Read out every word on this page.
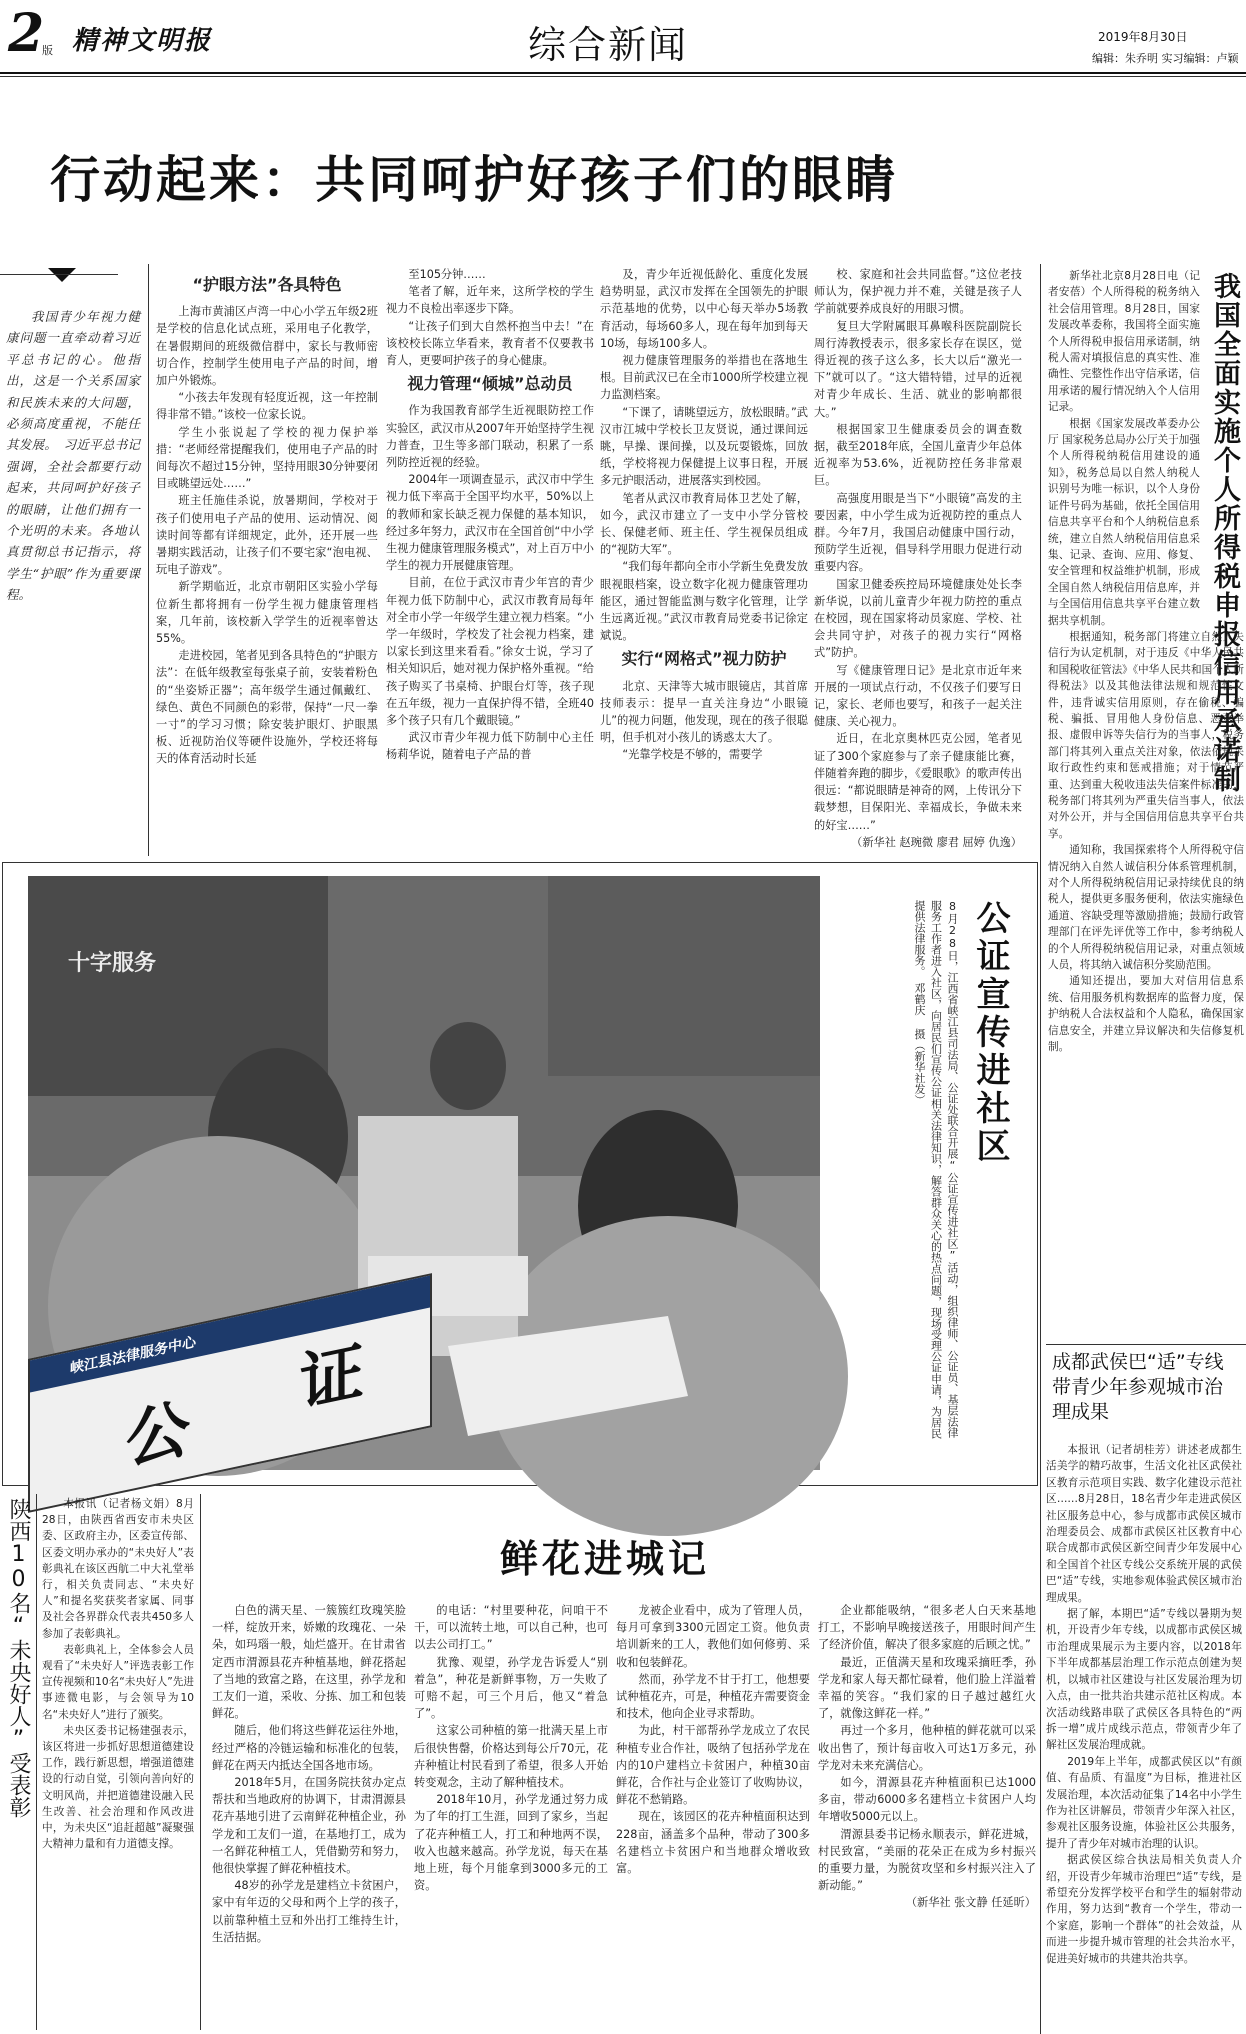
2
版 精神文明报	综合新闻	2019年8月30日
编辑：朱乔明 实习编辑：卢颖
行动起来：共同呵护好孩子们的眼睛

我国青少年视力健康问题一直牵动着习近平总书记的心。他指出，这是一个关系国家和民族未来的大问题，必须高度重视，不能任其发展。　习近平总书记强调，全社会都要行动起来，共同呵护好孩子的眼睛，让他们拥有一个光明的未来。各地认真贯彻总书记指示，将学生“护眼”作为重要课程。

“护眼方法”各具特色

上海市黄浦区卢湾一中心小学五年级2班是学校的信息化试点班，采用电子化教学，在暑假期间的班级微信群中，家长与教师密切合作，控制学生使用电子产品的时间，增加户外锻炼。

“小孩去年发现有轻度近视，这一年控制得非常不错。”该校一位家长说。

学生小张说起了学校的视力保护举措：“老师经常提醒我们，使用电子产品的时间每次不超过15分钟，坚持用眼30分钟要闭目或眺望远处……”

班主任施佳杀说，放暑期间，学校对于孩子们使用电子产品的使用、运动情况、阅读时间等都有详细规定，此外，还开展一些暑期实践活动，让孩子们不要宅家“泡电视、玩电子游戏”。

新学期临近，北京市朝阳区实验小学每位新生都将拥有一份学生视力健康管理档案，几年前，该校新入学学生的近视率曾达55%。

走进校园，笔者见到各具特色的“护眼方法”：在低年级教室每张桌子前，安装着粉色的“坐姿矫正器”；高年级学生通过佩戴红、绿色、黄色不同颜色的彩带，保持“一尺一拳一寸”的学习习惯；除安装护眼灯、护眼黑板、近视防治仪等硬件设施外，学校还将每天的体育活动时长延

至105分钟……

笔者了解，近年来，这所学校的学生视力不良检出率逐步下降。

“让孩子们到大自然杯抱当中去！”在该校校长陈立华看来，教育者不仅要教书育人，更要呵护孩子的身心健康。

视力管理“倾城”总动员

作为我国教育部学生近视眼防控工作实验区，武汉市从2007年开始坚持学生视力普查，卫生等多部门联动，积累了一系列防控近视的经验。

2004年一项调查显示，武汉市中学生视力低下率高于全国平均水平，50%以上的教师和家长缺乏视力保健的基本知识，经过多年努力，武汉市在全国首创“中小学生视力健康管理服务模式”，对上百万中小学生的视力开展健康管理。

目前，在位于武汉市青少年宫的青少年视力低下防制中心，武汉市教育局每年对全市小学一年级学生建立视力档案。“小学一年级时，学校发了社会视力档案，建以家长到这里来看看。”徐女士说，学习了相关知识后，她对视力保护格外重视。“给孩子购买了书桌椅、护眼台灯等，孩子现在五年级，视力一直保护得不错，全班40多个孩子只有几个戴眼镜。”

武汉市青少年视力低下防制中心主任杨莉华说，随着电子产品的普

及，青少年近视低龄化、重度化发展趋势明显，武汉市发挥在全国领先的护眼示范基地的优势，以中心每天举办5场教育活动，每场60多人，现在每年加到每天10场，每场100多人。

视力健康管理服务的举措也在落地生根。目前武汉已在全市1000所学校建立视力监测档案。

“下课了，请眺望远方，放松眼睛。”武汉市江城中学校长卫友贤说，通过课间远眺，早操、课间操，以及玩耍锻炼，回放纸，学校将视力保健提上议事日程，开展多元护眼活动，进展落实到校园。

笔者从武汉市教育局体卫艺处了解，如今，武汉市建立了一支中小学分管校长、保健老师、班主任、学生视保员组成的“视防大军”。

“我们每年都向全市小学新生免费发放眼视眼档案，设立数字化视力健康管理功能区，通过智能监测与数字化管理，让学生远离近视。”武汉市教育局党委书记徐定斌说。

实行“网格式”视力防护

北京、天津等大城市眼镜店，其首席技师表示：提早一直关注身边“小眼镜儿”的视力问题，他发现，现在的孩子很聪明，但手机对小孩儿的诱惑太大了。

“光靠学校是不够的，需要学

校、家庭和社会共同监督。”这位老技师认为，保护视力并不难，关键是孩子人学前就要养成良好的用眼习惯。

复旦大学附属眼耳鼻喉科医院副院长周行涛教授表示，很多家长存在误区，觉得近视的孩子这么多，长大以后“激光一下”就可以了。“这大错特错，过早的近视对青少年成长、生活、就业的影响都很大。”

根据国家卫生健康委员会的调查数据，截至2018年底，全国儿童青少年总体近视率为53.6%，近视防控任务非常艰巨。

高强度用眼是当下“小眼镜”高发的主要因素，中小学生成为近视防控的重点人群。今年7月，我国启动健康中国行动，预防学生近视，倡导科学用眼力促进行动重要内容。

国家卫健委疾控局环境健康处处长李新华说，以前儿童青少年视力防控的重点在校园，现在国家将动员家庭、学校、社会共同守护，对孩子的视力实行“网格式”防护。

写《健康管理日记》是北京市近年来开展的一项试点行动，不仅孩子们要写日记，家长、老师也要写，和孩子一起关注健康、关心视力。

近日，在北京奥林匹克公园，笔者见证了300个家庭参与了亲子健康能比赛，伴随着奔跑的脚步，《爱眼歌》的歌声传出很远：“都说眼睛是神奇的网，上传讯分下载梦想，目保阳光、幸福成长，争做未来的好宝……”

（新华社 赵琬微 廖君 屈婷 仇逸）

我国全面实施个人所得税申报信用承诺制

新华社北京8月28日电（记者安蓓）个人所得税的税务纳入社会信用管理。8月28日，国家发展改革委称，我国将全面实施个人所得税申报信用承诺制，纳税人需对填报信息的真实性、准确性、完整性作出守信承诺，信用承诺的履行情况纳入个人信用记录。

根据《国家发展改革委办公厅 国家税务总局办公厅关于加强个人所得税纳税信用建设的通知》，税务总局以自然人纳税人识别号为唯一标识，以个人身份证件号码为基础，依托全国信用信息共享平台和个人纳税信息系统，建立自然人纳税信用信息采集、记录、查询、应用、修复、安全管理和权益维护机制，形成全国自然人纳税信用信息库，并与全国信用信息共享平台建立数据共享机制。

根据通知，税务部门将建立自然人失信行为认定机制，对于违反《中华人民共和国税收征管法》《中华人民共和国个人所得税法》以及其他法律法规和规范性文件，违背诚实信用原则，存在偷税、骗税、骗抵、冒用他人身份信息、恶意举报、虚假申诉等失信行为的当事人，税务部门将其列入重点关注对象，依法依规采取行政性约束和惩戒措施；对于情节严重、达到重大税收违法失信案件标准的，税务部门将其列为严重失信当事人，依法对外公开，并与全国信用信息共享平台共享。

通知称，我国探索将个人所得税守信情况纳入自然人诚信积分体系管理机制，对个人所得税纳税信用记录持续优良的纳税人，提供更多服务便利，依法实施绿色通道、容缺受理等激励措施；鼓励行政管理部门在评先评优等工作中，参考纳税人的个人所得税纳税信用记录，对重点领域人员，将其纳入诚信积分奖励范围。

通知还提出，要加大对信用信息系统、信用服务机构数据库的监督力度，保护纳税人合法权益和个人隐私，确保国家信息安全，并建立异议解决和失信修复机制。

峡江县法律服务中心
公
证
十字服务	公证宣传进社区
8月28日，江西省峡江县司法局、公证处联合开展“公证宣传进社区”活动，组织律师、公证员、基层法律服务工作者进入社区，向居民们宣传公证相关法律知识，解答群众关心的热点问题，现场受理公证申请，为居民提供法律服务。　邓鹤庆 摄（新华社发）
成都武侯巴“适”专线带青少年参观城市治理成果

本报讯（记者胡桂芳）讲述老成都生活美学的精巧故事，生活文化社区武侯社区教育示范项目实践、数字化建设示范社区……8月28日，18名青少年走进武侯区社区服务总中心，参与成都市武侯区城市治理委员会、成都市武侯区社区教育中心联合成都市武侯区新空间青少年发展中心和全国首个社区专线公交系统开展的武侯巴“适”专线，实地参观体验武侯区城市治理成果。

据了解，本期巴“适”专线以暑期为契机，开设青少年专线，以成都市武侯区城市治理成果展示为主要内容，以2018年下半年成都基层治理工作示范点创建为契机，以城市社区建设与社区发展治理为切入点，由一批共治共建示范社区构成。本次活动线路串联了武侯区各具特色的“两拆一增”成片成线示范点，带领青少年了解社区发展治理成就。

2019年上半年，成都武侯区以“有颜值、有品质、有温度”为目标，推进社区发展治理，本次活动征集了14名中小学生作为社区讲解员，带领青少年深入社区，参观社区服务设施，体验社区公共服务，提升了青少年对城市治理的认识。

据武侯区综合执法局相关负责人介绍，开设青少年城市治理巴“适”专线，是希望充分发挥学校平台和学生的辐射带动作用，努力达到“教育一个学生，带动一个家庭，影响一个群体”的社会效益，从而进一步提升城市管理的社会共治水平，促进美好城市的共建共治共享。

陕西10名“未央好人”受表彰	本报讯（记者杨文娟）8月28日，由陕西省西安市未央区委、区政府主办，区委宣传部、区委文明办承办的“未央好人”表彰典礼在该区西航二中大礼堂举行，相关负责同志、“未央好人”和提名奖获奖者家属、同事及社会各界群众代表共450多人参加了表彰典礼。

表彰典礼上，全体参会人员观看了“未央好人”评选表彰工作宣传视频和10名“未央好人”先进事迹微电影，与会领导为10名“未央好人”进行了颁奖。

未央区委书记杨建强表示，该区将进一步抓好思想道德建设工作，践行新思想，增强道德建设的行动自觉，引领向善向好的文明风尚，并把道德建设融入民生改善、社会治理和作风改进中，为未央区“追赶超越”凝聚强大精神力量和有力道德支撑。

鲜花进城记

白色的满天星、一簇簇红玫瑰笑脸一样，绽放开来，娇嫩的玫瑰花、一朵朵，如玛瑙一般，灿烂盛开。在甘肃省定西市渭源县花卉种植基地，鲜花搭起了当地的致富之路，在这里，孙学龙和工友们一道，采收、分拣、加工和包装鲜花。

随后，他们将这些鲜花运往外地，经过严格的冷链运输和标准化的包装，鲜花在两天内抵达全国各地市场。

2018年5月，在国务院扶贫办定点帮扶和当地政府的协调下，甘肃渭源县花卉基地引进了云南鲜花种植企业，孙学龙和工友们一道，在基地打工，成为一名鲜花种植工人，凭借勤劳和努力，他很快掌握了鲜花种植技术。

48岁的孙学龙是建档立卡贫困户，家中有年迈的父母和两个上学的孩子，以前靠种植土豆和外出打工维持生计，生活拮据。

的电话：“村里要种花，问咱干不干，可以流转土地，可以自己种，也可以去公司打工。”

犹豫、观望，孙学龙告诉爱人“别着急”，种花是新鲜事物，万一失败了可赔不起，可三个月后，他又“着急了”。

这家公司种植的第一批满天星上市后很快售罄，价格达到每公斤70元，花卉种植让村民看到了希望，很多人开始转变观念，主动了解种植技术。

2018年10月，孙学龙通过努力成为了年的打工生涯，回到了家乡，当起了花卉种植工人，打工和种地两不误，收入也越来越高。孙学龙说，每天在基地上班，每个月能拿到3000多元的工资。

龙被企业看中，成为了管理人员，每月可拿到3300元固定工资。他负责培训新来的工人，教他们如何修剪、采收和包装鲜花。

然而，孙学龙不甘于打工，他想要试种植花卉，可是，种植花卉需要资金和技术，他向企业寻求帮助。

为此，村干部帮孙学龙成立了农民种植专业合作社，吸纳了包括孙学龙在内的10户建档立卡贫困户，种植30亩鲜花，合作社与企业签订了收购协议，鲜花不愁销路。

现在，该园区的花卉种植面积达到228亩，涵盖多个品种，带动了300多名建档立卡贫困户和当地群众增收致富。

企业都能吸纳，“很多老人白天来基地打工，不影响早晚接送孩子，用眼时间产生了经济价值，解决了很多家庭的后顾之忧。”

最近，正值满天星和玫瑰采摘旺季，孙学龙和家人每天都忙碌着，他们脸上洋溢着幸福的笑容。“我们家的日子越过越红火了，就像这鲜花一样。”

再过一个多月，他种植的鲜花就可以采收出售了，预计每亩收入可达1万多元，孙学龙对未来充满信心。

如今，渭源县花卉种植面积已达1000多亩，带动6000多名建档立卡贫困户人均年增收5000元以上。

渭源县委书记杨永顺表示，鲜花进城，村民致富，“美丽的花朵正在成为乡村振兴的重要力量，为脱贫攻坚和乡村振兴注入了新动能。”

（新华社 张文静 任延昕）
